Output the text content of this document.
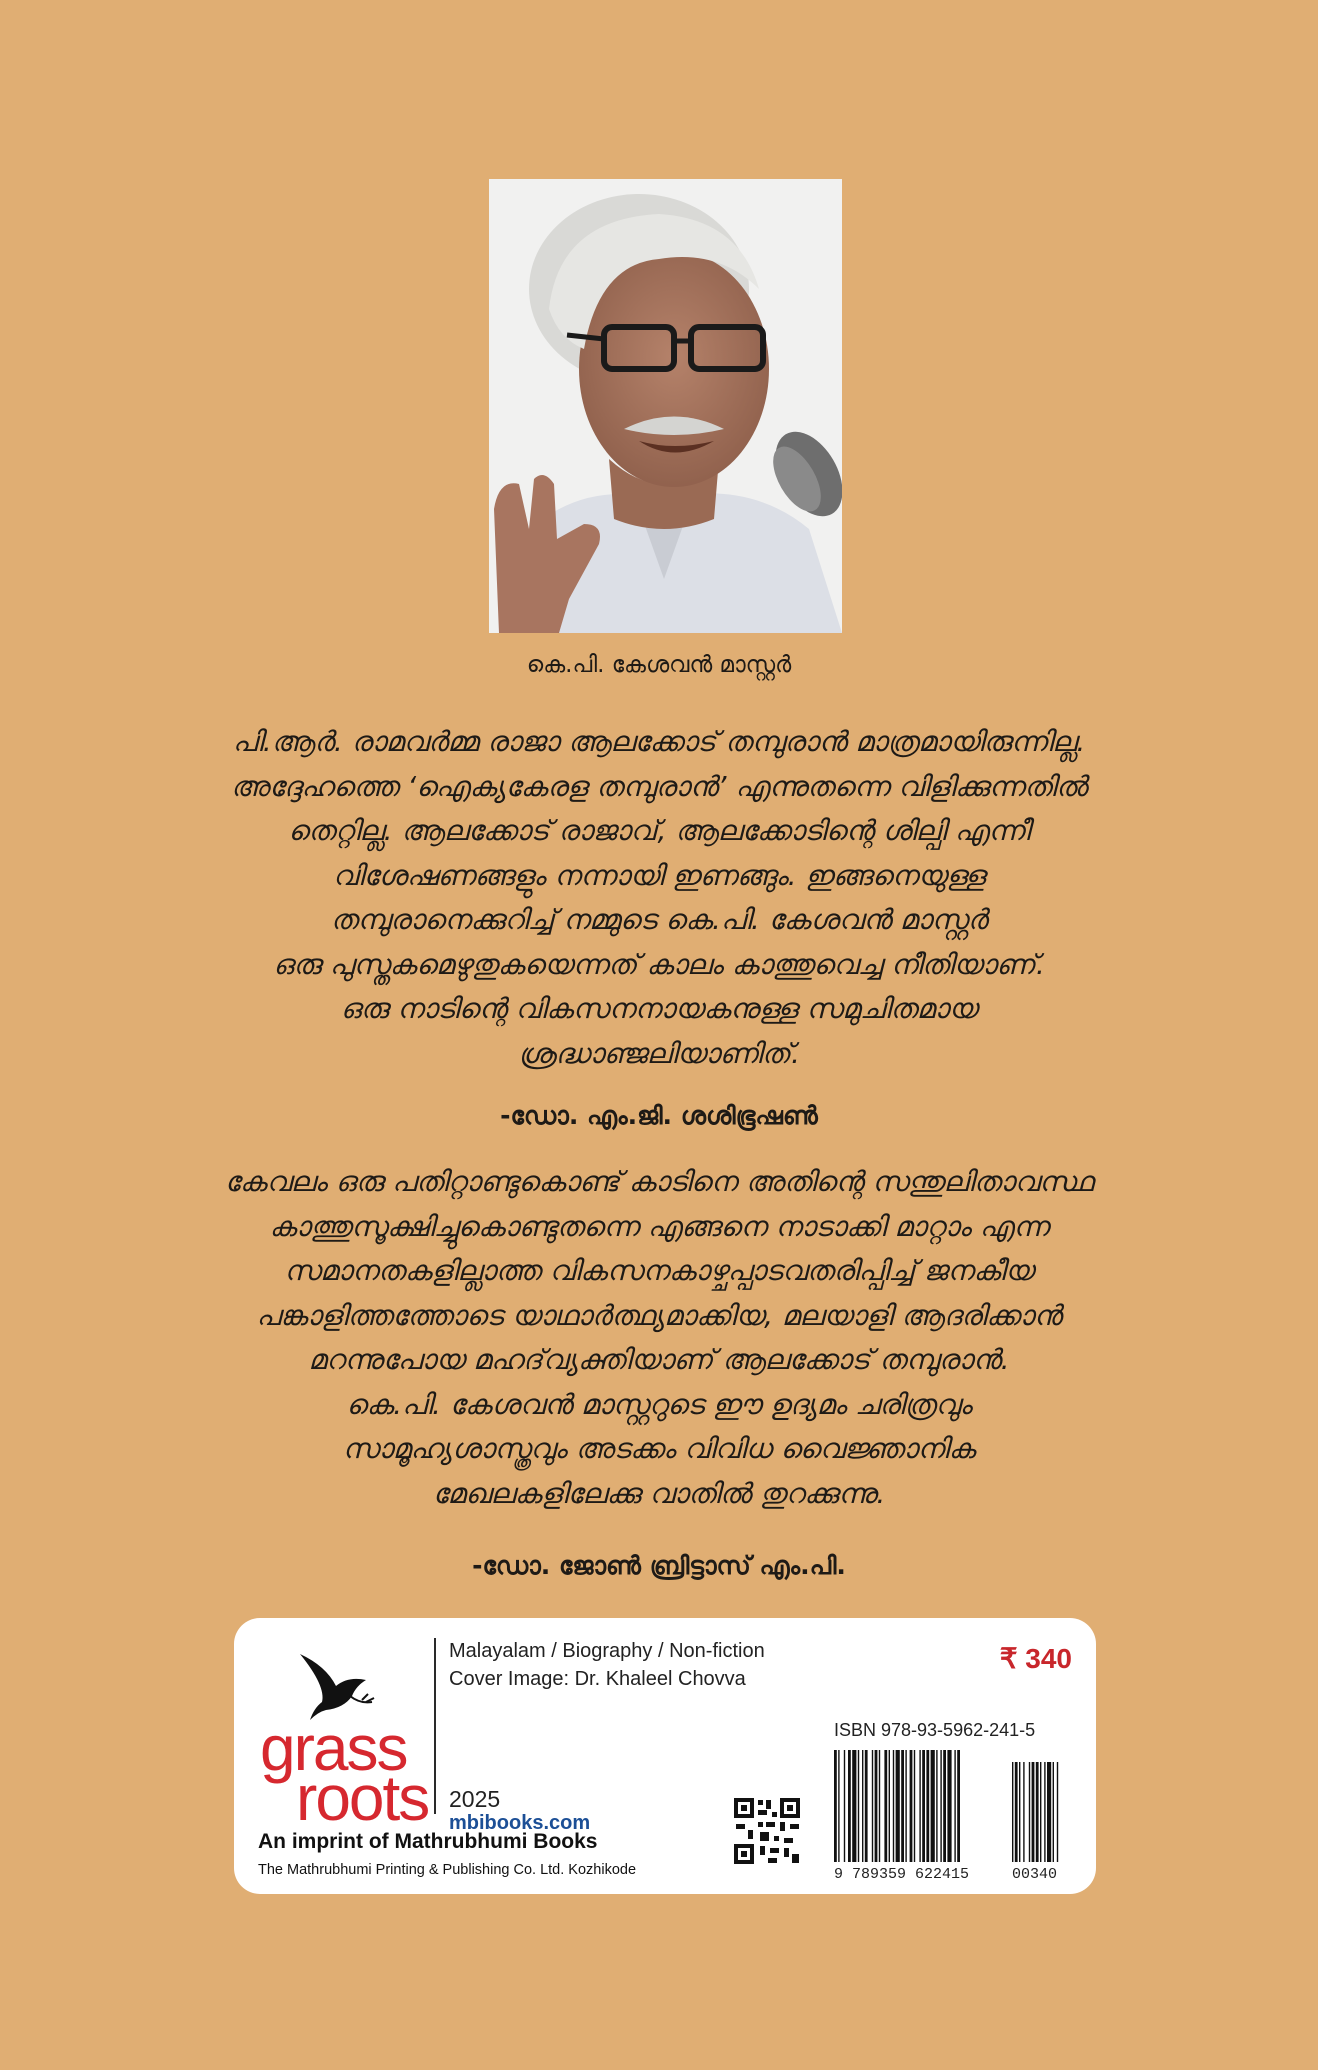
കെ.പി. കേശവൻ മാസ്റ്റർ
പി.ആർ. രാമവർമ്മ രാജാ ആലക്കോട് തമ്പുരാൻ മാത്രമായിരുന്നില്ല.
അദ്ദേഹത്തെ ‘ഐക്യകേരള തമ്പുരാൻ’ എന്നുതന്നെ വിളിക്കുന്നതിൽ
തെറ്റില്ല. ആലക്കോട് രാജാവ്, ആലക്കോടിന്റെ ശില്പി എന്നീ
വിശേഷണങ്ങളും നന്നായി ഇണങ്ങും. ഇങ്ങനെയുള്ള
തമ്പുരാനെക്കുറിച്ച് നമ്മുടെ കെ.പി. കേശവൻ മാസ്റ്റർ
ഒരു പുസ്തകമെഴുതുകയെന്നത് കാലം കാത്തുവെച്ച നീതിയാണ്.
ഒരു നാടിന്റെ വികസനനായകനുള്ള സമുചിതമായ
ശ്രദ്ധാഞ്ജലിയാണിത്.
-ഡോ. എം.ജി. ശശിഭൂഷൺ
കേവലം ഒരു പതിറ്റാണ്ടുകൊണ്ട് കാടിനെ അതിന്റെ സന്തുലിതാവസ്ഥ
കാത്തുസൂക്ഷിച്ചുകൊണ്ടുതന്നെ എങ്ങനെ നാടാക്കി മാറ്റാം എന്ന
സമാനതകളില്ലാത്ത വികസനകാഴ്ചപ്പാടവതരിപ്പിച്ച് ജനകീയ
പങ്കാളിത്തത്തോടെ യാഥാർത്ഥ്യമാക്കിയ, മലയാളി ആദരിക്കാൻ
മറന്നുപോയ മഹദ്‌വ്യക്തിയാണ് ആലക്കോട് തമ്പുരാൻ.
കെ.പി. കേശവൻ മാസ്റ്ററുടെ ഈ ഉദ്യമം ചരിത്രവും
സാമൂഹ്യശാസ്ത്രവും അടക്കം വിവിധ വൈജ്ഞാനിക
മേഖലകളിലേക്കു വാതിൽ തുറക്കുന്നു.
-ഡോ. ജോൺ ബ്രിട്ടാസ് എം.പി.
grass
roots
An imprint of Mathrubhumi Books
The Mathrubhumi Printing & Publishing Co. Ltd. Kozhikode
Malayalam / Biography / Non-fiction
Cover Image: Dr. Khaleel Chovva
₹ 340
2025
mbibooks.com
ISBN 978-93-5962-241-5
9 789359 622415	00340
